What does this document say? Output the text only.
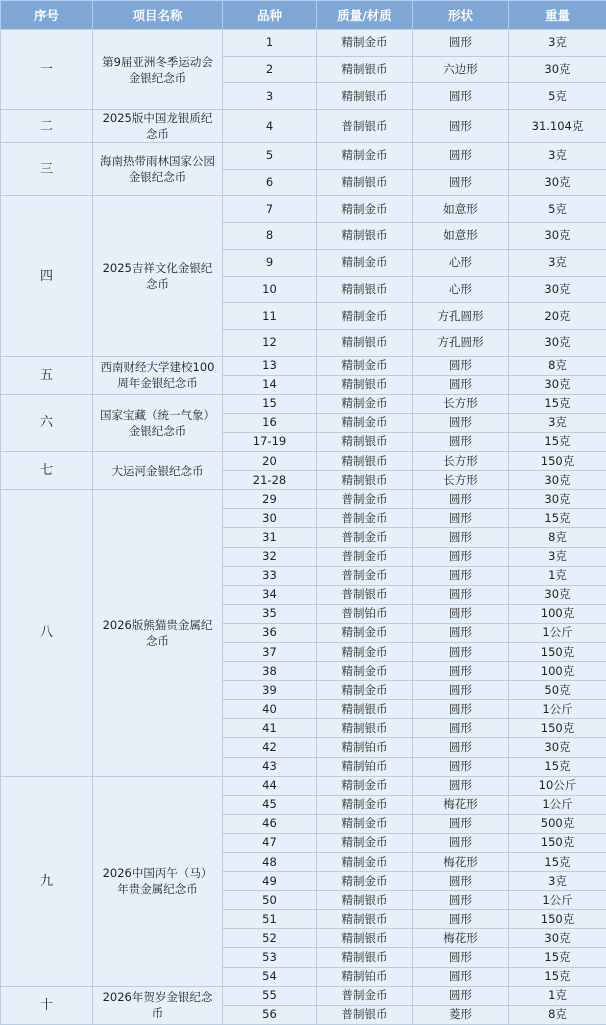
序号	项目名称	品种	质量/材质	形状	重量
一	第9届亚洲冬季运动会金银纪念币	1	精制金币	圆形	3克
		2	精制银币	六边形	30克
		3	精制银币	圆形	5克
二	2025版中国龙银质纪念币	4	普制银币	圆形	31.104克
三	海南热带雨林国家公园金银纪念币	5	精制金币	圆形	3克
		6	精制银币	圆形	30克
四	2025吉祥文化金银纪念币	7	精制金币	如意形	5克
		8	精制银币	如意形	30克
		9	精制金币	心形	3克
		10	精制银币	心形	30克
		11	精制金币	方孔圆形	20克
		12	精制银币	方孔圆形	30克
五	西南财经大学建校100周年金银纪念币	13	精制金币	圆形	8克
		14	精制银币	圆形	30克
六	国家宝藏（统一气象）金银纪念币	15	精制金币	长方形	15克
		16	精制金币	圆形	3克
		17-19	精制银币	圆形	15克
七	大运河金银纪念币	20	精制银币	长方形	150克
		21-28	精制银币	长方形	30克
八	2026版熊猫贵金属纪念币	29	普制金币	圆形	30克
		30	普制金币	圆形	15克
		31	普制金币	圆形	8克
		32	普制金币	圆形	3克
		33	普制金币	圆形	1克
		34	普制银币	圆形	30克
		35	普制铂币	圆形	100克
		36	精制金币	圆形	1公斤
		37	精制金币	圆形	150克
		38	精制金币	圆形	100克
		39	精制金币	圆形	50克
		40	精制银币	圆形	1公斤
		41	精制银币	圆形	150克
		42	精制铂币	圆形	30克
		43	精制铂币	圆形	15克
九	2026中国丙午（马）年贵金属纪念币	44	精制金币	圆形	10公斤
		45	精制金币	梅花形	1公斤
		46	精制金币	圆形	500克
		47	精制金币	圆形	150克
		48	精制金币	梅花形	15克
		49	精制金币	圆形	3克
		50	精制银币	圆形	1公斤
		51	精制银币	圆形	150克
		52	精制银币	梅花形	30克
		53	精制银币	圆形	15克
		54	精制铂币	圆形	15克
十	2026年贺岁金银纪念币	55	普制金币	圆形	1克
		56	普制银币	菱形	8克
